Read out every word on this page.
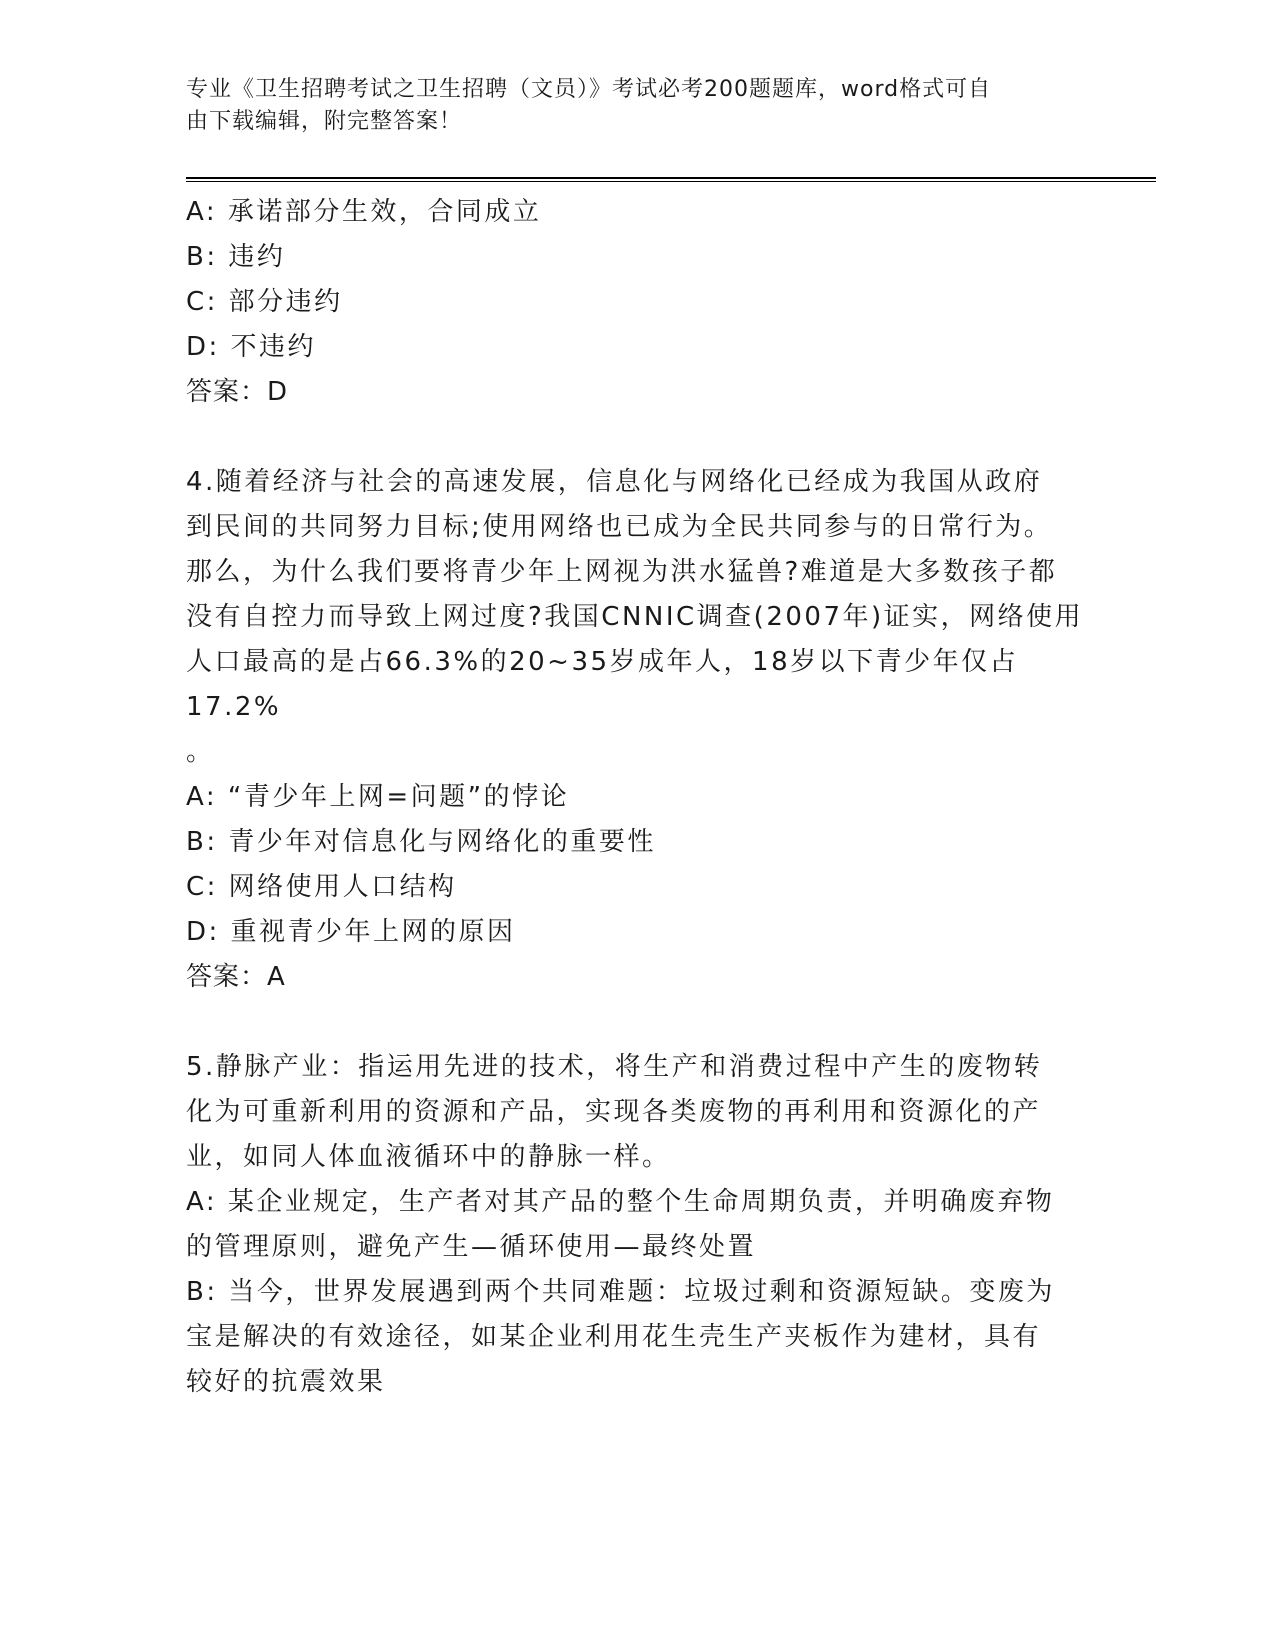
专业《卫生招聘考试之卫生招聘（文员）》考试必考200题题库，word格式可自
由下载编辑，附完整答案！

A: 承诺部分生效，合同成立

B: 违约

C: 部分违约

D: 不违约

答案：D

4.随着经济与社会的高速发展，信息化与网络化已经成为我国从政府

到民间的共同努力目标;使用网络也已成为全民共同参与的日常行为。

那么，为什么我们要将青少年上网视为洪水猛兽?难道是大多数孩子都

没有自控力而导致上网过度?我国CNNIC调查(2007年)证实，网络使用

人口最高的是占66.3%的20~35岁成年人，18岁以下青少年仅占17.2%

。

A: “青少年上网=问题”的悖论

B: 青少年对信息化与网络化的重要性

C: 网络使用人口结构

D: 重视青少年上网的原因

答案：A

5.静脉产业：指运用先进的技术，将生产和消费过程中产生的废物转

化为可重新利用的资源和产品，实现各类废物的再利用和资源化的产

业，如同人体血液循环中的静脉一样。

A: 某企业规定，生产者对其产品的整个生命周期负责，并明确废弃物

的管理原则，避免产生—循环使用—最终处置

B: 当今，世界发展遇到两个共同难题：垃圾过剩和资源短缺。变废为

宝是解决的有效途径，如某企业利用花生壳生产夹板作为建材，具有

较好的抗震效果
